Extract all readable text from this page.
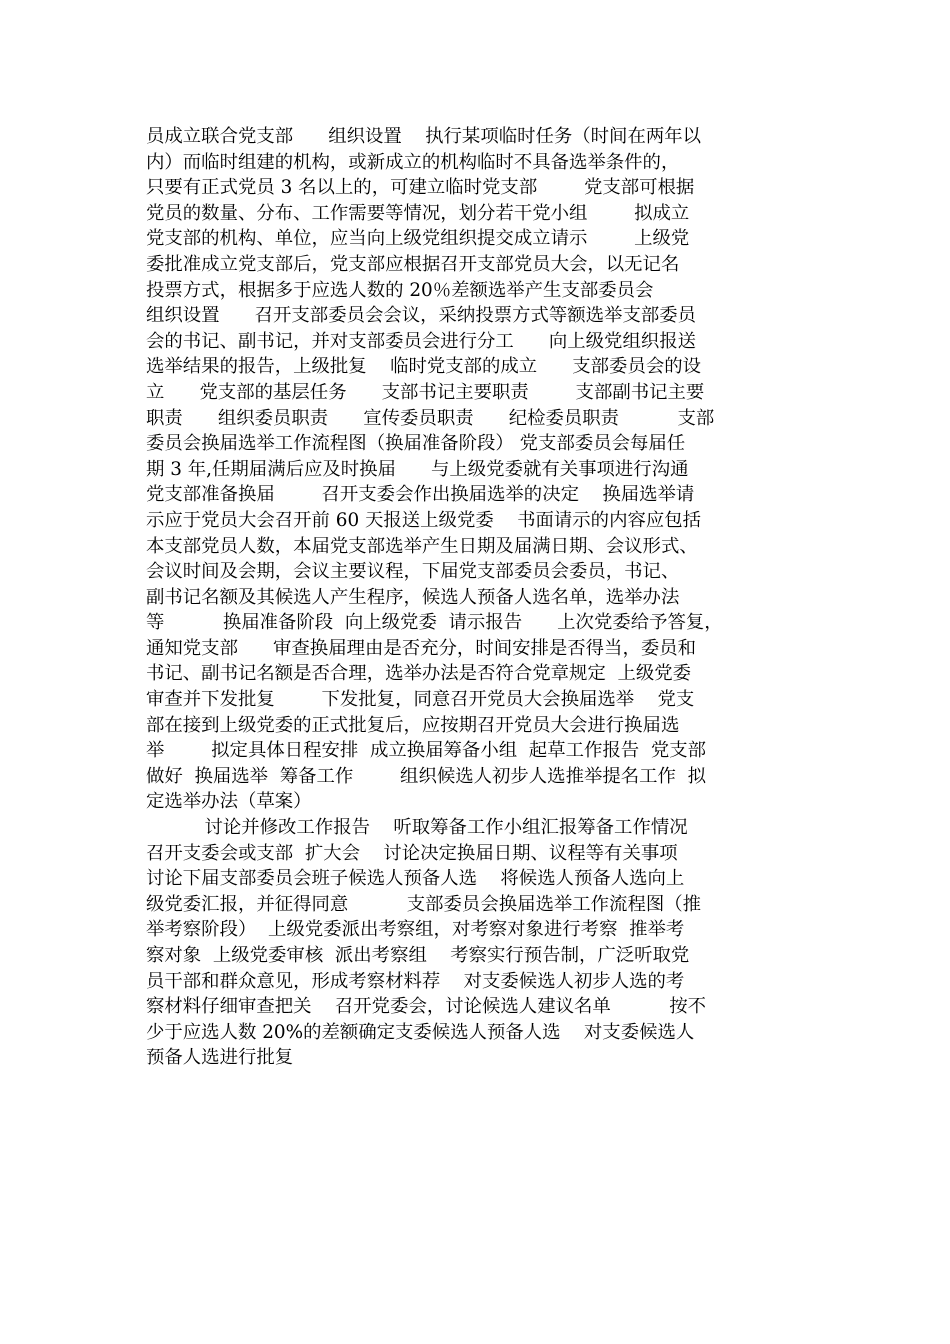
员成立联合党支部      组织设置    执行某项临时任务（时间在两年以
内）而临时组建的机构，或新成立的机构临时不具备选举条件的，
只要有正式党员 3 名以上的，可建立临时党支部        党支部可根据
党员的数量、分布、工作需要等情况，划分若干党小组        拟成立
党支部的机构、单位，应当向上级党组织提交成立请示        上级党
委批准成立党支部后，党支部应根据召开支部党员大会，以无记名
投票方式，根据多于应选人数的 20％差额选举产生支部委员会
组织设置      召开支部委员会会议，采纳投票方式等额选举支部委员
会的书记、副书记，并对支部委员会进行分工      向上级党组织报送
选举结果的报告，上级批复    临时党支部的成立      支部委员会的设
立      党支部的基层任务      支部书记主要职责        支部副书记主要
职责      组织委员职责      宣传委员职责      纪检委员职责          支部
委员会换届选举工作流程图（换届准备阶段） 党支部委员会每届任
期 3 年,任期届满后应及时换届      与上级党委就有关事项进行沟通
党支部准备换届        召开支委会作出换届选举的决定    换届选举请
示应于党员大会召开前 60 天报送上级党委    书面请示的内容应包括
本支部党员人数，本届党支部选举产生日期及届满日期、会议形式、
会议时间及会期，会议主要议程，下届党支部委员会委员，书记、
副书记名额及其候选人产生程序，候选人预备人选名单，选举办法
等          换届准备阶段  向上级党委  请示报告      上次党委给予答复，
通知党支部      审查换届理由是否充分，时间安排是否得当，委员和
书记、副书记名额是否合理，选举办法是否符合党章规定  上级党委
审查并下发批复        下发批复，同意召开党员大会换届选举    党支
部在接到上级党委的正式批复后，应按期召开党员大会进行换届选
举        拟定具体日程安排  成立换届筹备小组  起草工作报告  党支部
做好  换届选举  筹备工作        组织候选人初步人选推举提名工作  拟
定选举办法（草案）
讨论并修改工作报告    听取筹备工作小组汇报筹备工作情况
召开支委会或支部  扩大会    讨论决定换届日期、议程等有关事项
讨论下届支部委员会班子候选人预备人选    将候选人预备人选向上
级党委汇报，并征得同意          支部委员会换届选举工作流程图（推
举考察阶段）  上级党委派出考察组，对考察对象进行考察  推举考
察对象  上级党委审核  派出考察组    考察实行预告制，广泛听取党
员干部和群众意见，形成考察材料荐    对支委候选人初步人选的考
察材料仔细审查把关    召开党委会，讨论候选人建议名单          按不
少于应选人数 20%的差额确定支委候选人预备人选    对支委候选人
预备人选进行批复
